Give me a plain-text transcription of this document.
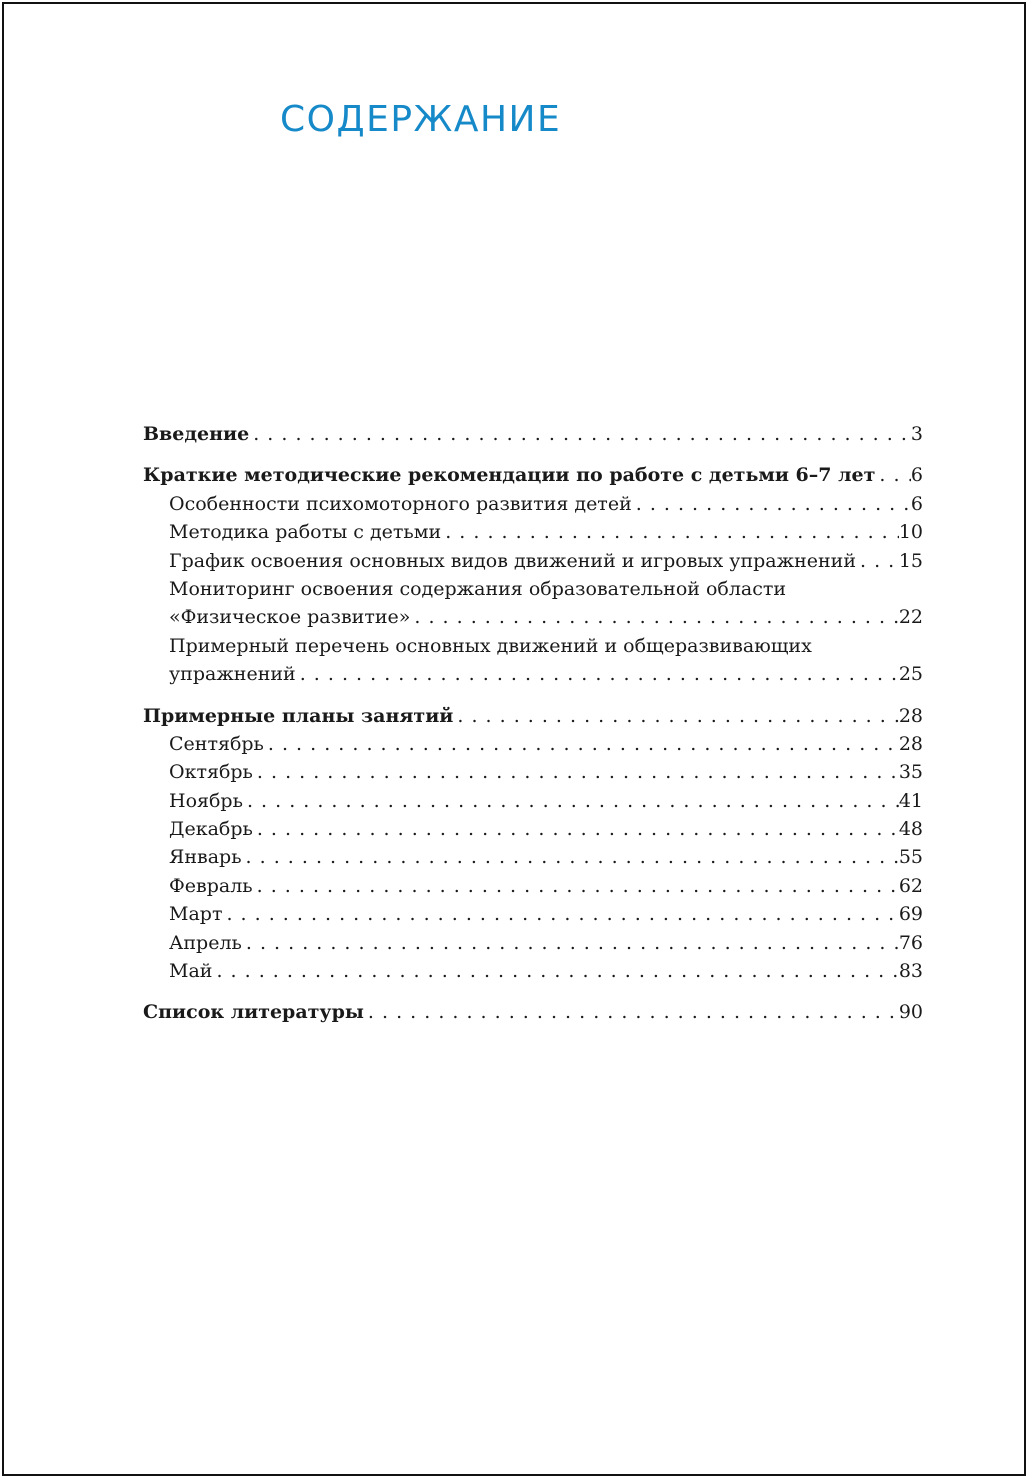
СОДЕРЖАНИЕ
Введение . . .	3
Краткие методические рекомендации по работе с детьми 6–7 лет . . . 6
Особенности психомоторного развития детей . . .	6
Методика работы с детьми . . .	10
График освоения основных видов движений и игровых упражнений . . . 15
Мониторинг освоения содержания образовательной области
«Физическое развитие» . . .	22
Примерный перечень основных движений и общеразвивающих
упражнений . . .	25
Примерные планы занятий . . .	28
Сентябрь . . .	28
Октябрь . . .	35
Ноябрь . . .	41
Декабрь . . .	48
Январь . . .	55
Февраль . . .	62
Март . . .	69
Апрель . . .	76
Май . . .	83
Список литературы . . .	90
